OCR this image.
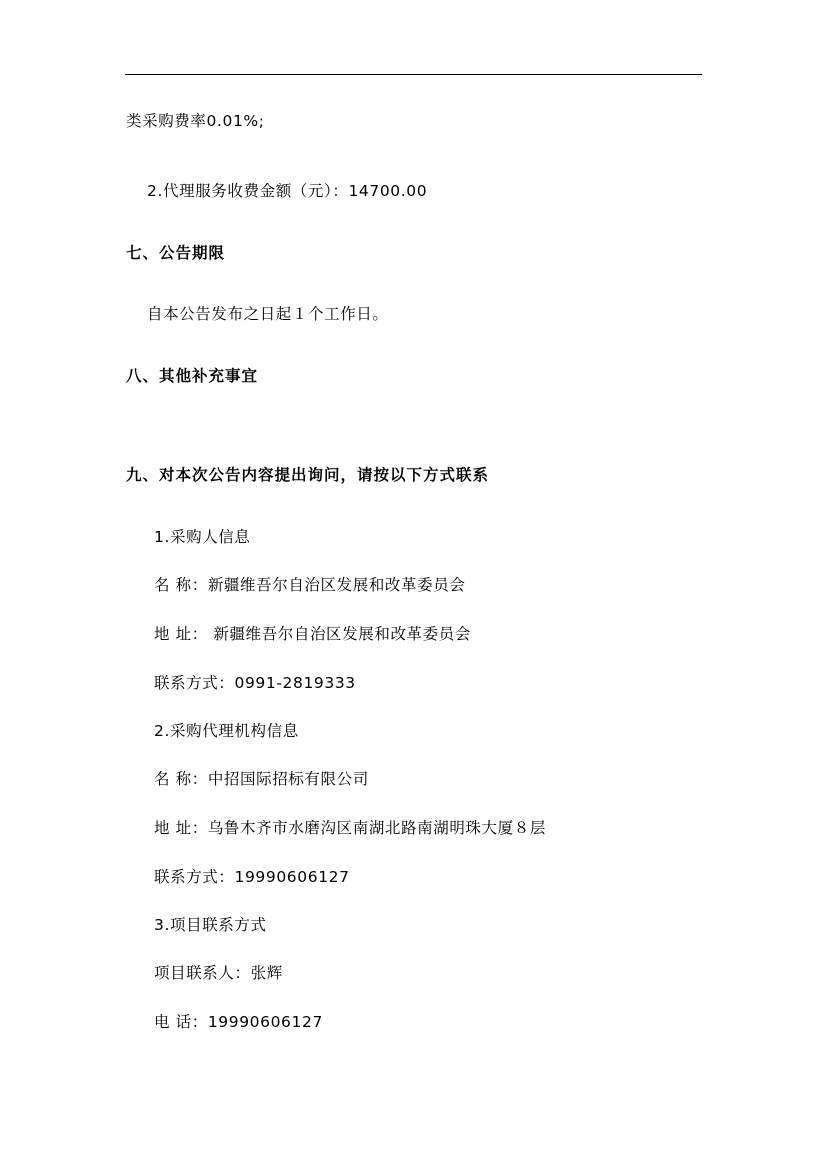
类采购费率0.01%;
2.代理服务收费金额（元）：14700.00
七、公告期限
自本公告发布之日起１个工作日。
八、其他补充事宜
九、对本次公告内容提出询问，请按以下方式联系
1.采购人信息
名 称：新疆维吾尔自治区发展和改革委员会
地 址： 新疆维吾尔自治区发展和改革委员会
联系方式：0991-2819333
2.采购代理机构信息
名 称：中招国际招标有限公司
地 址：乌鲁木齐市水磨沟区南湖北路南湖明珠大厦８层
联系方式：19990606127
3.项目联系方式
项目联系人：张辉
电 话：19990606127
